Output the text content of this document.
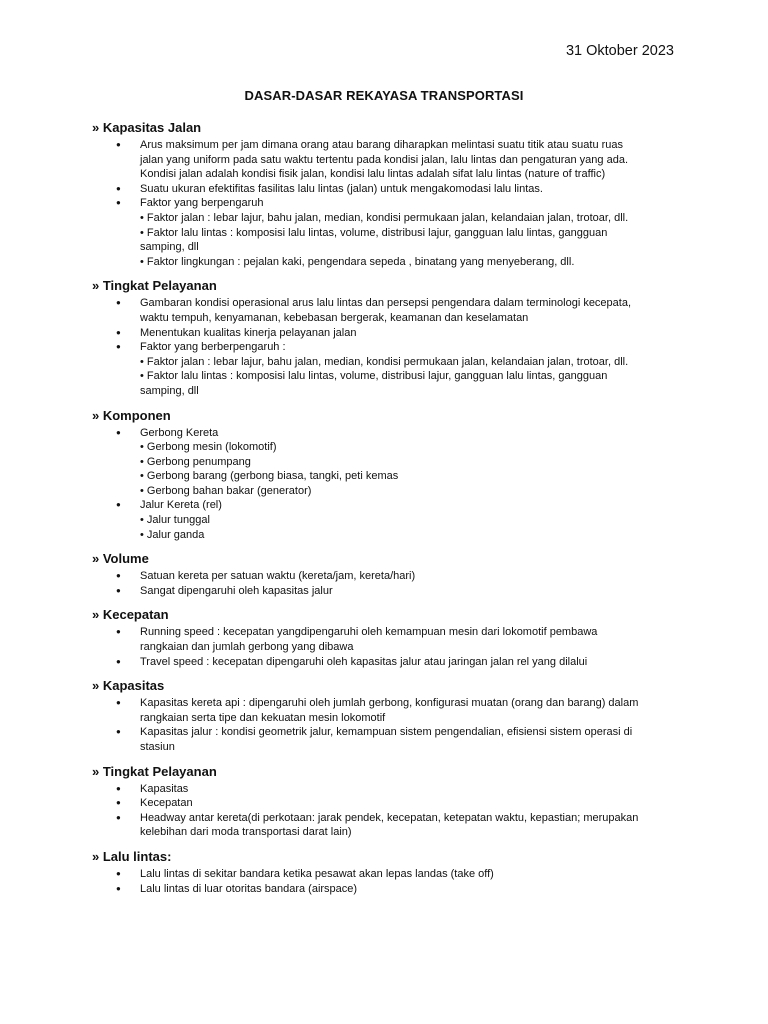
31 Oktober 2023
DASAR-DASAR REKAYASA TRANSPORTASI
» Kapasitas Jalan
● Arus maksimum per jam dimana orang atau barang diharapkan melintasi suatu titik atau suatu ruas
jalan yang uniform pada satu waktu tertentu pada kondisi jalan, lalu lintas dan pengaturan yang ada.
Kondisi jalan adalah kondisi fisik jalan, kondisi lalu lintas adalah sifat lalu lintas (nature of traffic)
● Suatu ukuran efektifitas fasilitas lalu lintas (jalan) untuk mengakomodasi lalu lintas.
● Faktor yang berpengaruh
• Faktor jalan : lebar lajur, bahu jalan, median, kondisi permukaan jalan, kelandaian jalan, trotoar, dll.
• Faktor lalu lintas : komposisi lalu lintas, volume, distribusi lajur, gangguan lalu lintas, gangguan
samping, dll
• Faktor lingkungan : pejalan kaki, pengendara sepeda , binatang yang menyeberang, dll.
» Tingkat Pelayanan
● Gambaran kondisi operasional arus lalu lintas dan persepsi pengendara dalam terminologi kecepata,
waktu tempuh, kenyamanan, kebebasan bergerak, keamanan dan keselamatan
● Menentukan kualitas kinerja pelayanan jalan
● Faktor yang berberpengaruh :
• Faktor jalan : lebar lajur, bahu jalan, median, kondisi permukaan jalan, kelandaian jalan, trotoar, dll.
• Faktor lalu lintas : komposisi lalu lintas, volume, distribusi lajur, gangguan lalu lintas, gangguan
samping, dll
» Komponen
● Gerbong Kereta
• Gerbong mesin (lokomotif)
• Gerbong penumpang
• Gerbong barang (gerbong biasa, tangki, peti kemas
• Gerbong bahan bakar (generator)
● Jalur Kereta (rel)
• Jalur tunggal
• Jalur ganda
» Volume
● Satuan kereta per satuan waktu (kereta/jam, kereta/hari)
● Sangat dipengaruhi oleh kapasitas jalur
» Kecepatan
● Running speed : kecepatan yangdipengaruhi oleh kemampuan mesin dari lokomotif pembawa
rangkaian dan jumlah gerbong yang dibawa
● Travel speed : kecepatan dipengaruhi oleh kapasitas jalur atau jaringan jalan rel yang dilalui
» Kapasitas
● Kapasitas kereta api : dipengaruhi oleh jumlah gerbong, konfigurasi muatan (orang dan barang) dalam
rangkaian serta tipe dan kekuatan mesin lokomotif
● Kapasitas jalur : kondisi geometrik jalur, kemampuan sistem pengendalian, efisiensi sistem operasi di
stasiun
» Tingkat Pelayanan
● Kapasitas
● Kecepatan
● Headway antar kereta(di perkotaan: jarak pendek, kecepatan, ketepatan waktu, kepastian; merupakan
kelebihan dari moda transportasi darat lain)
» Lalu lintas:
● Lalu lintas di sekitar bandara ketika pesawat akan lepas landas (take off)
● Lalu lintas di luar otoritas bandara (airspace)
